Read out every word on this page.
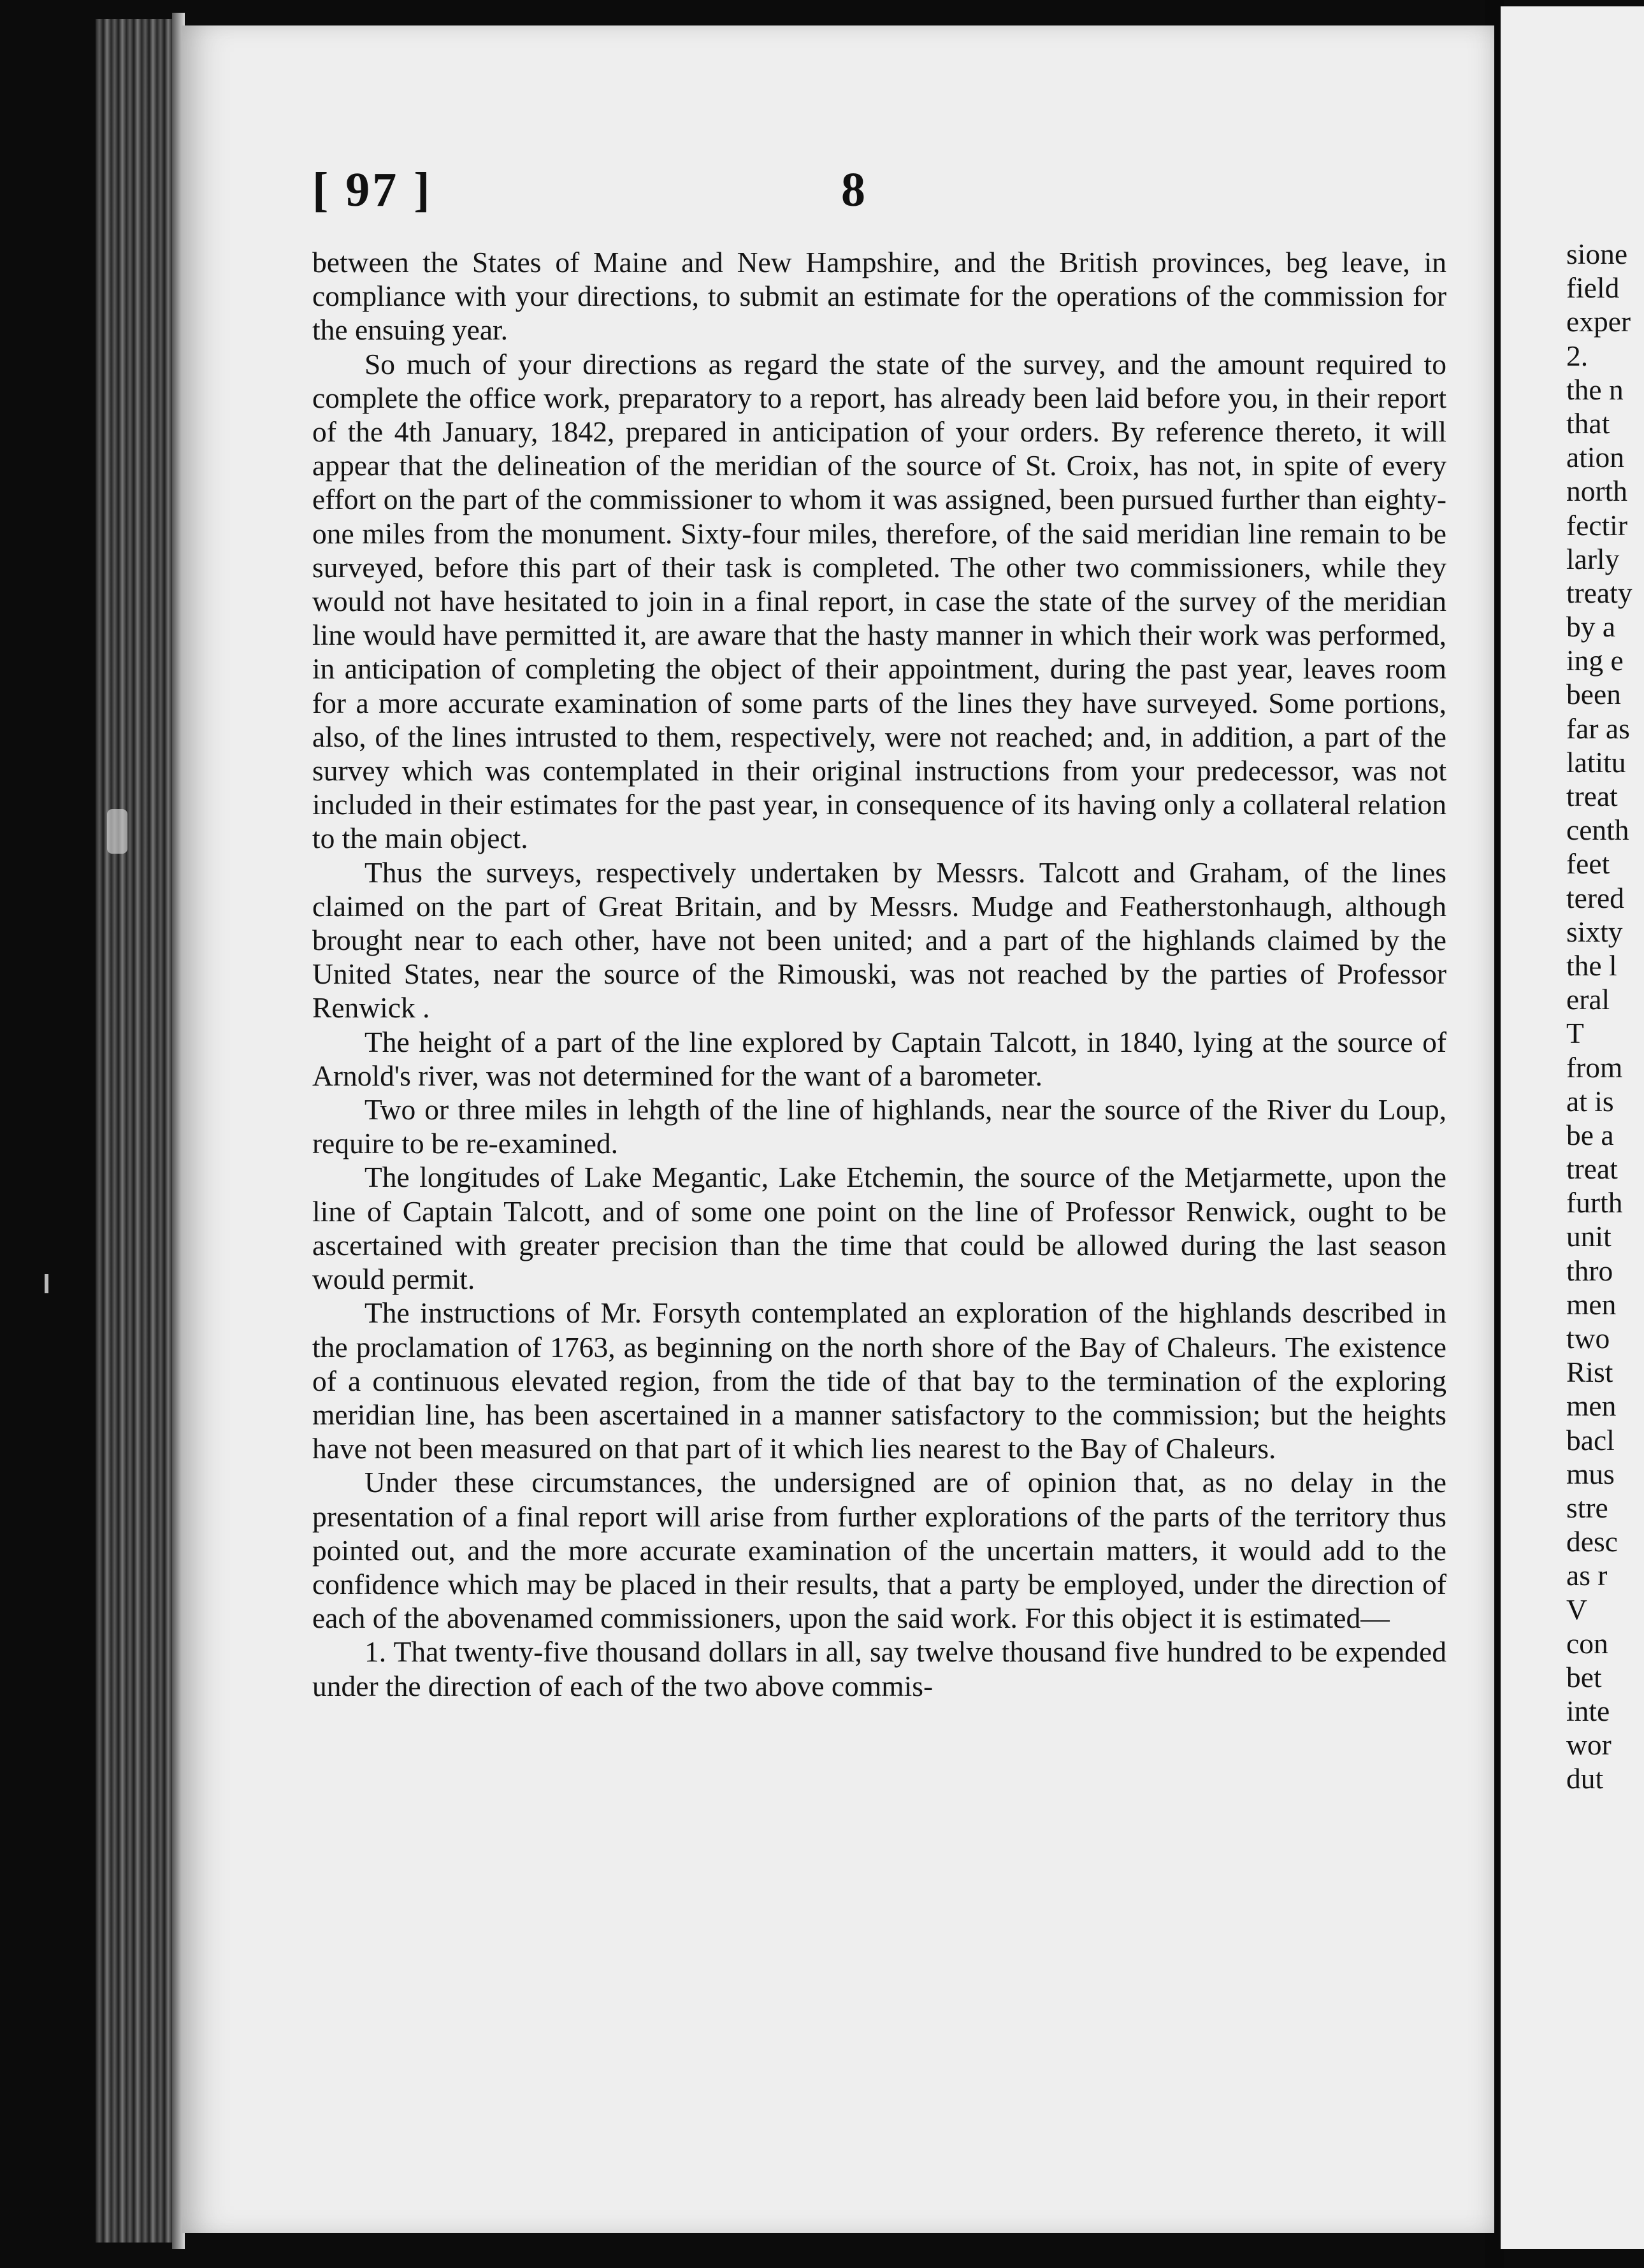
[ 97 ]	8

between the States of Maine and New Hampshire, and the British provinces, beg leave, in compliance with your directions, to submit an estimate for the operations of the commission for the ensuing year.

So much of your directions as regard the state of the survey, and the amount required to complete the office work, preparatory to a report, has already been laid before you, in their report of the 4th January, 1842, prepared in anticipation of your orders. By reference thereto, it will appear that the delineation of the meridian of the source of St. Croix, has not, in spite of every effort on the part of the commissioner to whom it was assigned, been pursued further than eighty-one miles from the monument. Sixty-four miles, therefore, of the said meridian line remain to be surveyed, before this part of their task is completed. The other two commissioners, while they would not have hesitated to join in a final report, in case the state of the survey of the meridian line would have permitted it, are aware that the hasty manner in which their work was performed, in anticipation of completing the object of their appointment, during the past year, leaves room for a more accurate examination of some parts of the lines they have surveyed. Some portions, also, of the lines intrusted to them, respectively, were not reached; and, in addition, a part of the survey which was contemplated in their original instructions from your predecessor, was not included in their estimates for the past year, in consequence of its having only a collateral relation to the main object.

Thus the surveys, respectively undertaken by Messrs. Talcott and Graham, of the lines claimed on the part of Great Britain, and by Messrs. Mudge and Featherstonhaugh, although brought near to each other, have not been united; and a part of the highlands claimed by the United States, near the source of the Rimouski, was not reached by the parties of Professor Renwick .

The height of a part of the line explored by Captain Talcott, in 1840, lying at the source of Arnold's river, was not determined for the want of a barometer.

Two or three miles in lehgth of the line of highlands, near the source of the River du Loup, require to be re-examined.

The longitudes of Lake Megantic, Lake Etchemin, the source of the Metjarmette, upon the line of Captain Talcott, and of some one point on the line of Professor Renwick, ought to be ascertained with greater precision than the time that could be allowed during the last season would permit.

The instructions of Mr. Forsyth contemplated an exploration of the highlands described in the proclamation of 1763, as beginning on the north shore of the Bay of Chaleurs. The existence of a continuous elevated region, from the tide of that bay to the termination of the exploring meridian line, has been ascertained in a manner satisfactory to the commission; but the heights have not been measured on that part of it which lies nearest to the Bay of Chaleurs.

Under these circumstances, the undersigned are of opinion that, as no delay in the presentation of a final report will arise from further explorations of the parts of the territory thus pointed out, and the more accurate examination of the uncertain matters, it would add to the confidence which may be placed in their results, that a party be employed, under the direction of each of the abovenamed commissioners, upon the said work. For this object it is estimated—

1. That twenty-five thousand dollars in all, say twelve thousand five hundred to be expended under the direction of each of the two above commis-

sione
field
exper
2.
the n
that
ation
north
fectir
larly
treaty
by a
ing e
been
far as
latitu
treat
centh
feet
tered
sixty
the l
eral
T
from
at is
be a
treat
furth
unit
thro
men
two
Rist
men
bacl
mus
stre
desc
as r
V
con
bet
inte
wor
dut
